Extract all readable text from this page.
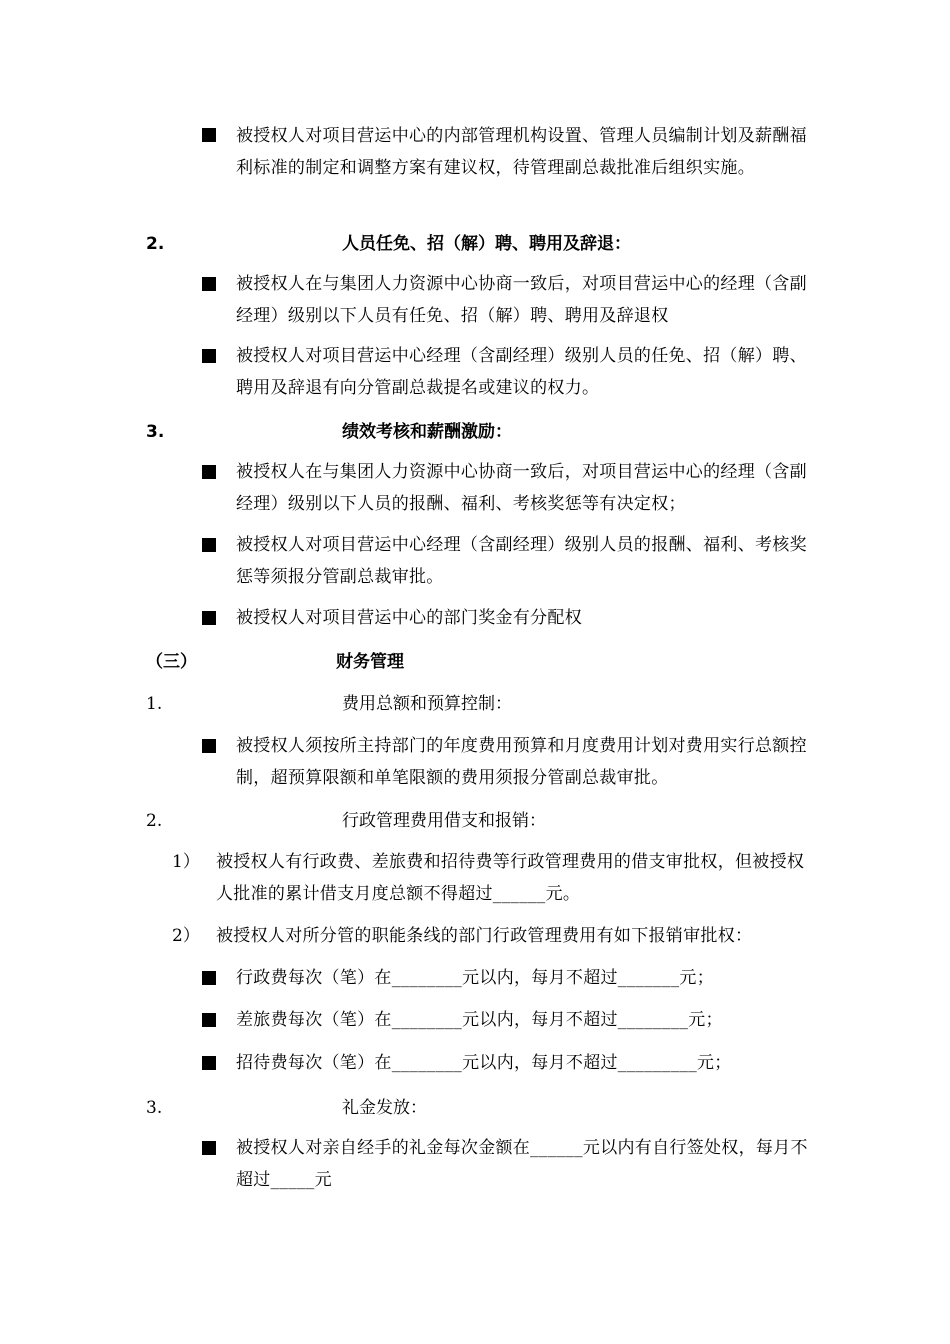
被授权人对项目营运中心的内部管理机构设置、管理人员编制计划及薪酬福利标准的制定和调整方案有建议权，待管理副总裁批准后组织实施。
2.	人员任免、招（解）聘、聘用及辞退：
被授权人在与集团人力资源中心协商一致后，对项目营运中心的经理（含副经理）级别以下人员有任免、招（解）聘、聘用及辞退权
被授权人对项目营运中心经理（含副经理）级别人员的任免、招（解）聘、聘用及辞退有向分管副总裁提名或建议的权力。
3.	绩效考核和薪酬激励：
被授权人在与集团人力资源中心协商一致后，对项目营运中心的经理（含副经理）级别以下人员的报酬、福利、考核奖惩等有决定权；
被授权人对项目营运中心经理（含副经理）级别人员的报酬、福利、考核奖惩等须报分管副总裁审批。
被授权人对项目营运中心的部门奖金有分配权
（三）	财务管理
1.	费用总额和预算控制：
被授权人须按所主持部门的年度费用预算和月度费用计划对费用实行总额控制，超预算限额和单笔限额的费用须报分管副总裁审批。
2.	行政管理费用借支和报销：
1） 被授权人有行政费、差旅费和招待费等行政管理费用的借支审批权，但被授权人批准的累计借支月度总额不得超过______元。
2） 被授权人对所分管的职能条线的部门行政管理费用有如下报销审批权：
行政费每次（笔）在________元以内，每月不超过_______元；
差旅费每次（笔）在________元以内，每月不超过________元；
招待费每次（笔）在________元以内，每月不超过_________元；
3.	礼金发放：
被授权人对亲自经手的礼金每次金额在______元以内有自行签处权，每月不超过_____元
